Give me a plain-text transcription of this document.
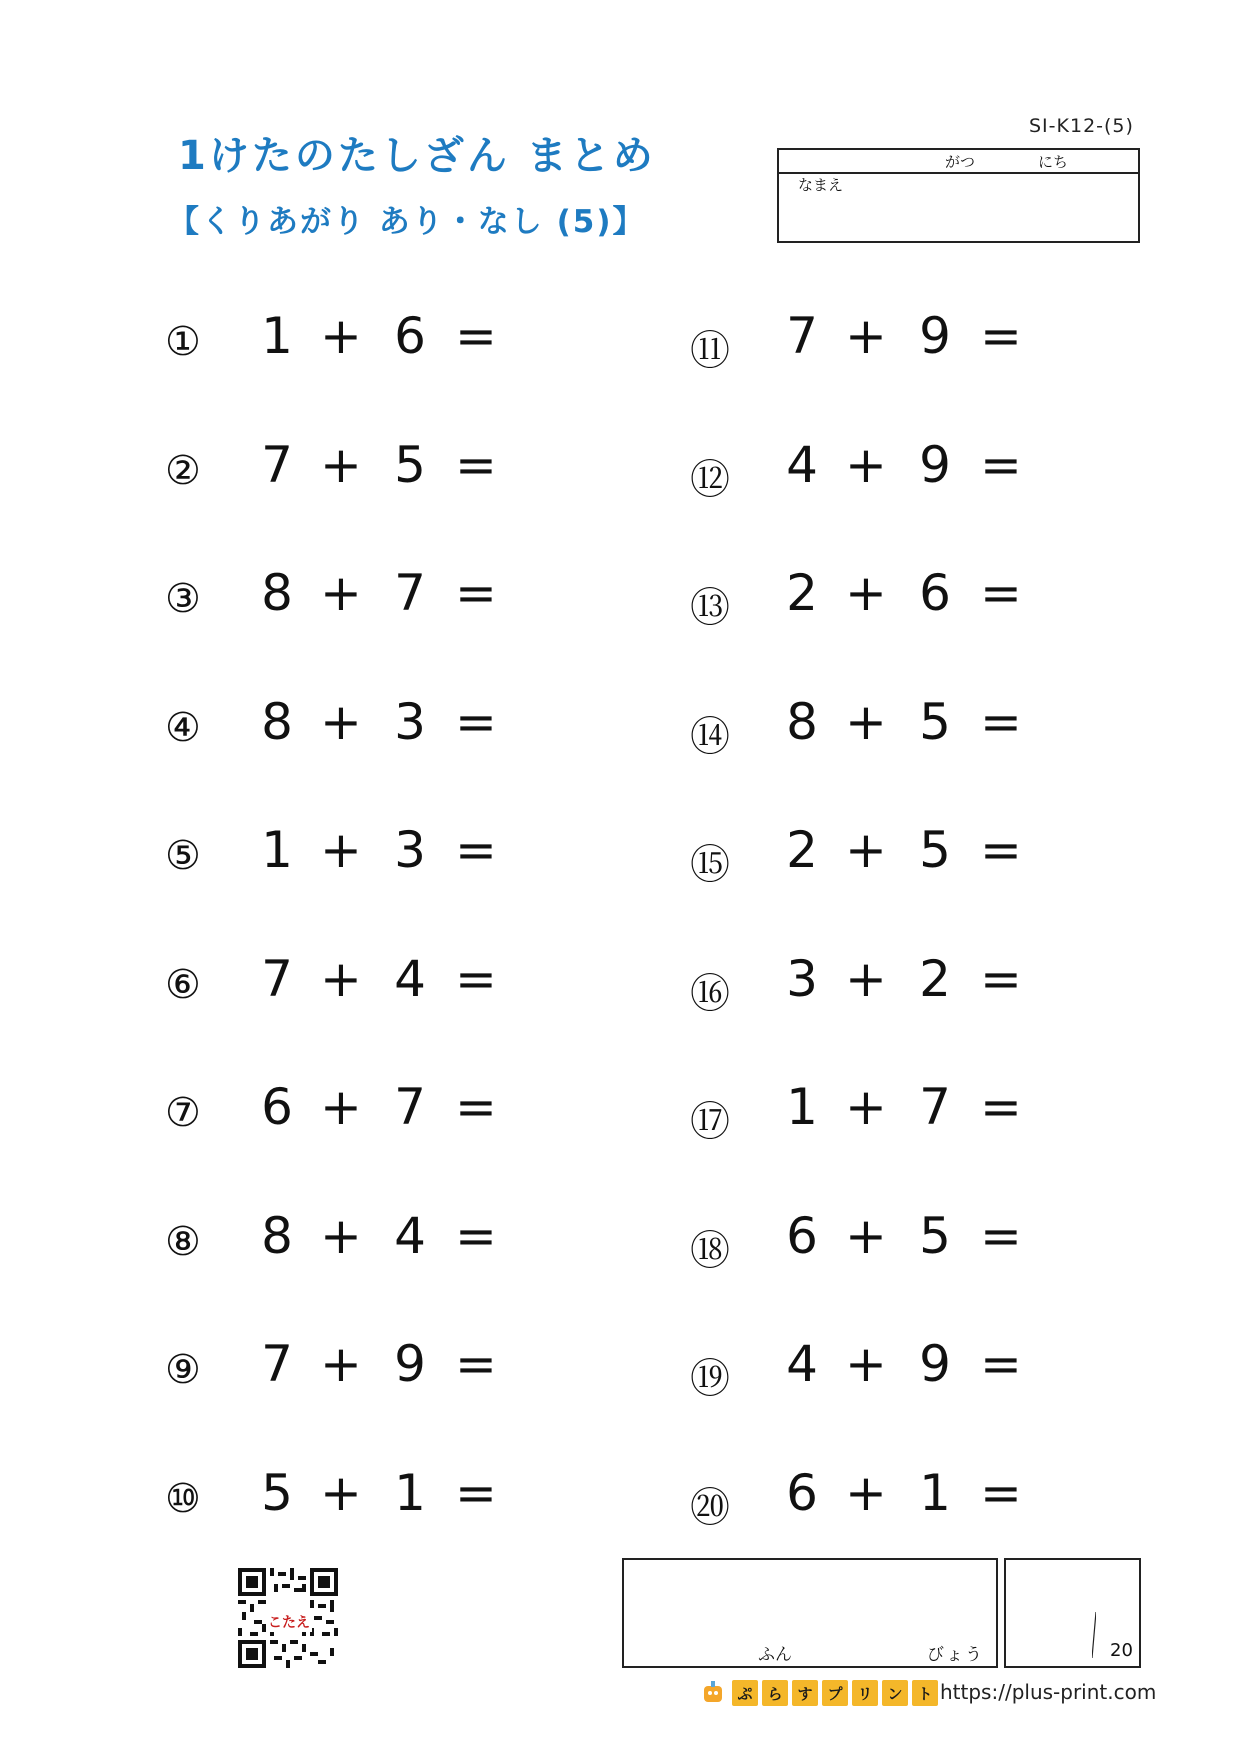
SI-K12-(5)
1けたのたしざん まとめ
【くりあがり あり・なし (5)】
がつ	にち
なまえ
① 1 + 6 =
② 7 + 5 =
③ 8 + 7 =
④ 8 + 3 =
⑤ 1 + 3 =
⑥ 7 + 4 =
⑦ 6 + 7 =
⑧ 8 + 4 =
⑨ 7 + 9 =
⑩ 5 + 1 =
⑪ 7 + 9 =
⑫ 4 + 9 =
⑬ 2 + 6 =
⑭ 8 + 5 =
⑮ 2 + 5 =
⑯ 3 + 2 =
⑰ 1 + 7 =
⑱ 6 + 5 =
⑲ 4 + 9 =
⑳ 6 + 1 =
こたえ
ふん	びょう	20
ぷ ら す プ リ ン ト https://plus-print.com
